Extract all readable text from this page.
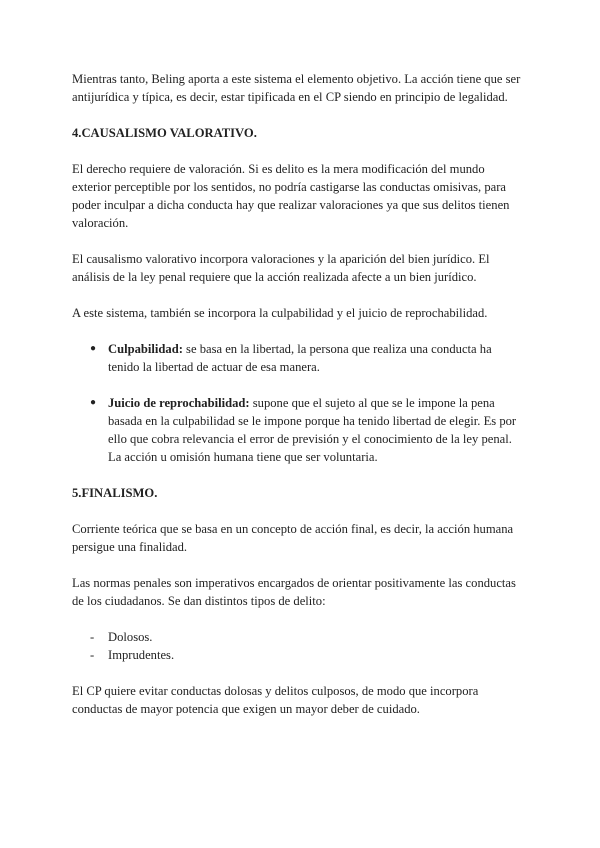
Mientras tanto, Beling aporta a este sistema el elemento objetivo. La acción tiene que ser antijurídica y típica, es decir, estar tipificada en el CP siendo en principio de legalidad.

4.CAUSALISMO VALORATIVO.

El derecho requiere de valoración. Si es delito es la mera modificación del mundo exterior perceptible por los sentidos, no podría castigarse las conductas omisivas, para poder inculpar a dicha conducta hay que realizar valoraciones ya que sus delitos tienen valoración.

El causalismo valorativo incorpora valoraciones y la aparición del bien jurídico. El análisis de la ley penal requiere que la acción realizada afecte a un bien jurídico.

A este sistema, también se incorpora la culpabilidad y el juicio de reprochabilidad.

● Culpabilidad: se basa en la libertad, la persona que realiza una conducta ha tenido la libertad de actuar de esa manera.
● Juicio de reprochabilidad: supone que el sujeto al que se le impone la pena basada en la culpabilidad se le impone porque ha tenido libertad de elegir. Es por ello que cobra relevancia el error de previsión y el conocimiento de la ley penal. La acción u omisión humana tiene que ser voluntaria.
5.FINALISMO.

Corriente teórica que se basa en un concepto de acción final, es decir, la acción humana persigue una finalidad.

Las normas penales son imperativos encargados de orientar positivamente las conductas de los ciudadanos. Se dan distintos tipos de delito:

- Dolosos.
- Imprudentes.

El CP quiere evitar conductas dolosas y delitos culposos, de modo que incorpora conductas de mayor potencia que exigen un mayor deber de cuidado.
